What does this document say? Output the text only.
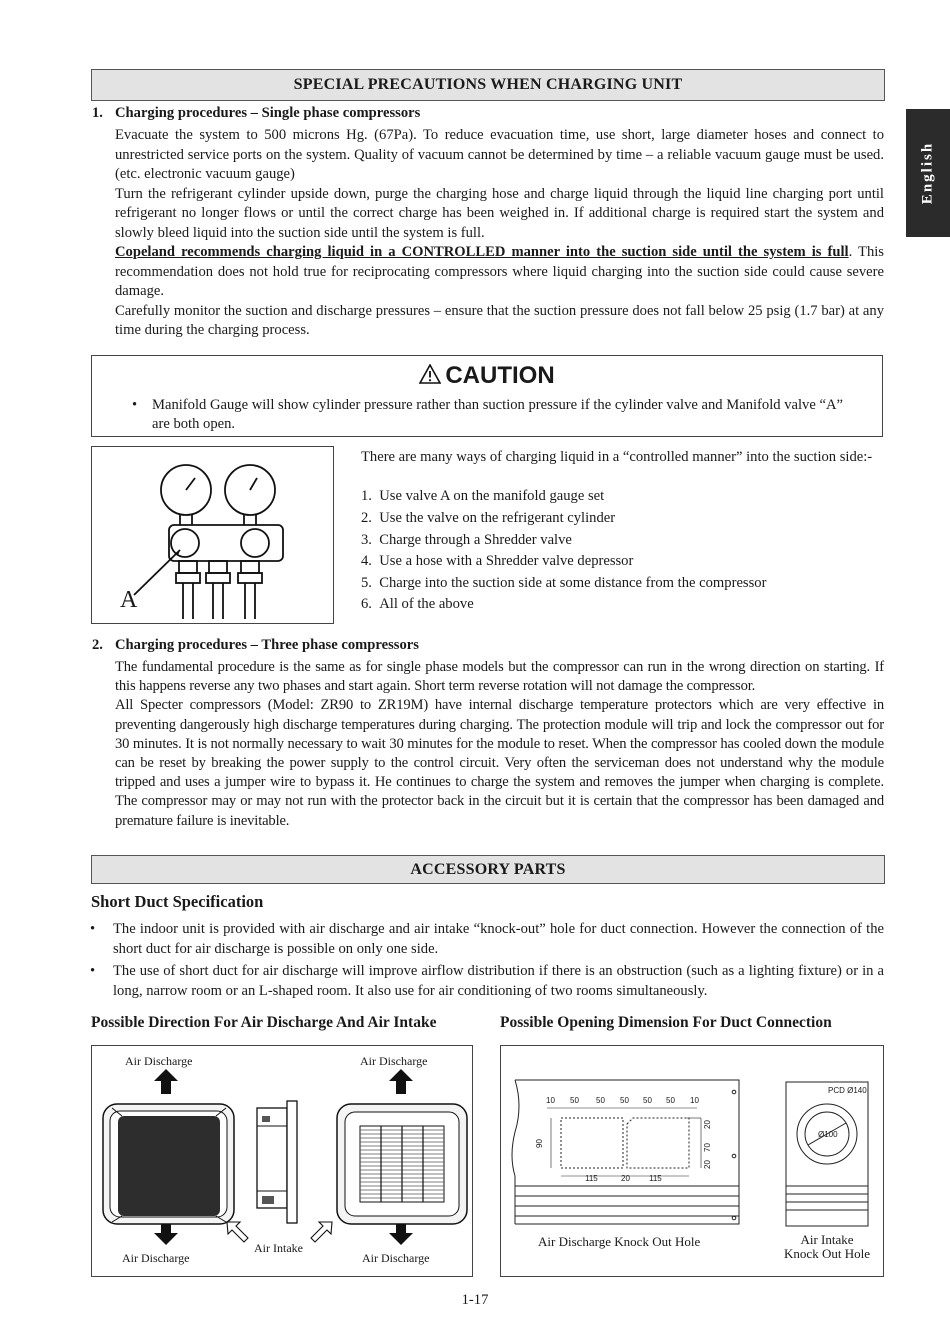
English
SPECIAL PRECAUTIONS WHEN CHARGING UNIT
1. Charging procedures – Single phase compressors

Evacuate the system to 500 microns Hg. (67Pa). To reduce evacuation time, use short, large diameter hoses and connect to unrestricted service ports on the system. Quality of vacuum cannot be determined by time – a reliable vacuum gauge must be used. (etc. electronic vacuum gauge)

Turn the refrigerant cylinder upside down, purge the charging hose and charge liquid through the liquid line charging port until refrigerant no longer flows or until the correct charge has been weighed in. If additional charge is required start the system and slowly bleed liquid into the suction side until the system is full.

Copeland recommends charging liquid in a CONTROLLED manner into the suction side until the system is full. This recommendation does not hold true for reciprocating compressors where liquid charging into the suction side could cause severe damage.

Carefully monitor the suction and discharge pressures – ensure that the suction pressure does not fall below 25 psig (1.7 bar) at any time during the charging process.

CAUTION
• Manifold Gauge will show cylinder pressure rather than suction pressure if the cylinder valve and Manifold valve “A” are both open.
A
There are many ways of charging liquid in a “controlled manner” into the suction side:-
1. Use valve A on the manifold gauge set
2. Use the valve on the refrigerant cylinder
3. Charge through a Shredder valve
4. Use a hose with a Shredder valve depressor
5. Charge into the suction side at some distance from the compressor
6. All of the above
2. Charging procedures – Three phase compressors

The fundamental procedure is the same as for single phase models but the compressor can run in the wrong direction on starting. If this happens reverse any two phases and start again. Short term reverse rotation will not damage the compressor.

All Specter compressors (Model: ZR90 to ZR19M) have internal discharge temperature protectors which are very effective in preventing dangerously high discharge temperatures during charging. The protection module will trip and lock the compressor out for 30 minutes. It is not normally necessary to wait 30 minutes for the module to reset. When the compressor has cooled down the module can be reset by breaking the power supply to the control circuit. Very often the serviceman does not understand why the module tripped and uses a jumper wire to bypass it. He continues to charge the system and removes the jumper when charging is complete. The compressor may or may not run with the protector back in the circuit but it is certain that the compressor has been damaged and premature failure is inevitable.

ACCESSORY PARTS
Short Duct Specification
• The indoor unit is provided with air discharge and air intake “knock-out” hole for duct connection. However the connection of the short duct for air discharge is possible on only one side.

• The use of short duct for air discharge will improve airflow distribution if there is an obstruction (such as a lighting fixture) or in a long, narrow room or an L-shaped room. It also use for air conditioning of two rooms simultaneously.

Possible Direction For Air Discharge And Air Intake	Possible Opening Dimension For Duct Connection
Air Discharge	Air Discharge
Air Discharge	Air Discharge
Air Intake
10 50 50 50 50 50 10
20
70
20
90
115	20 115
PCD Ø140
Ø100
Air Discharge Knock Out Hole	Air Intake
Knock Out Hole
1-17
